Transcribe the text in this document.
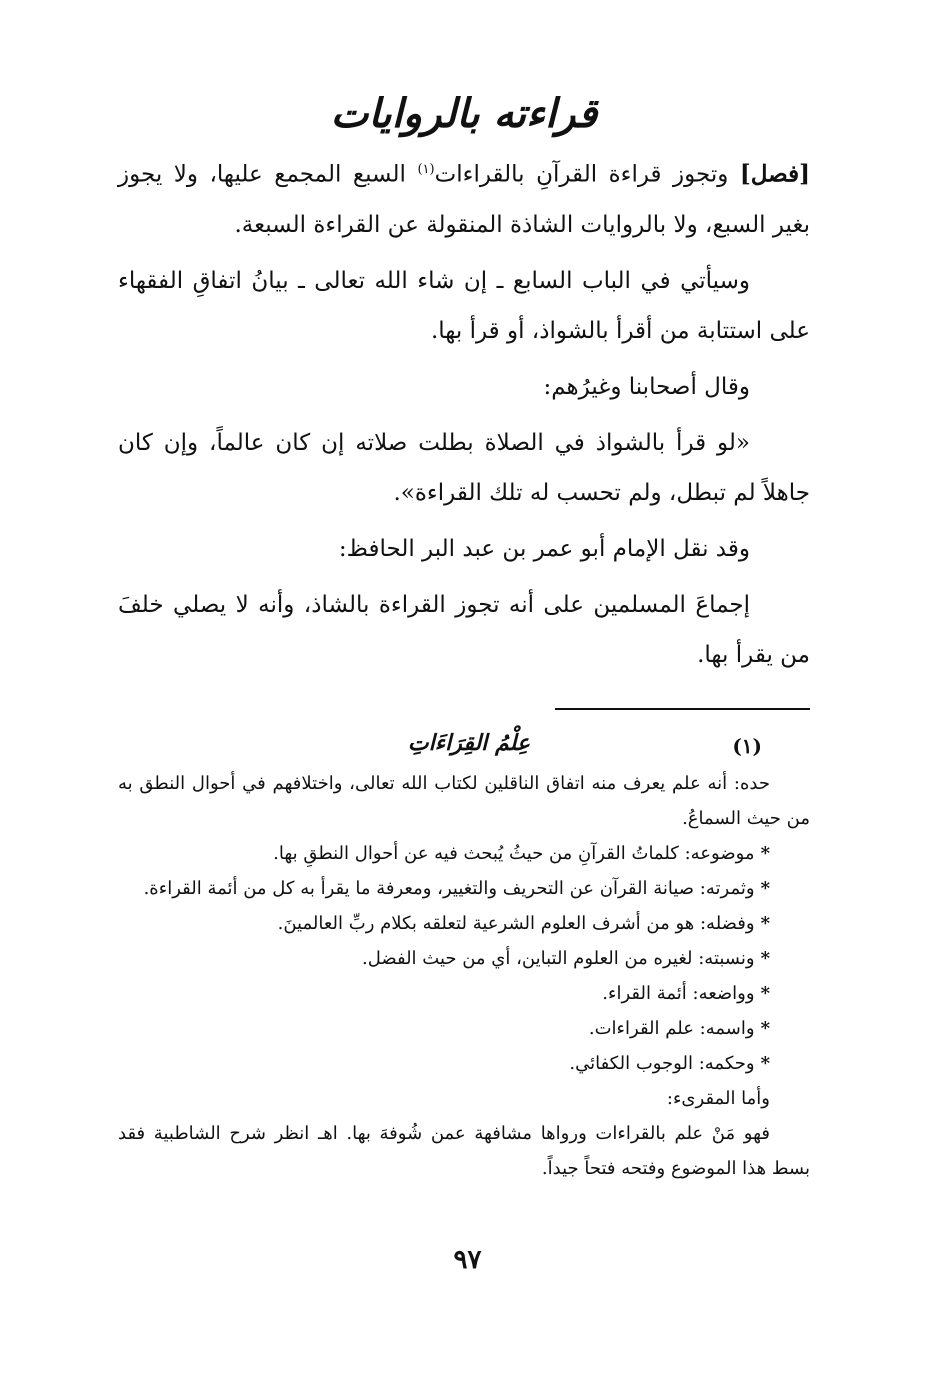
قراءته بالروايات

[فصل] وتجوز قراءة القرآنِ بالقراءات$^{(١)}$ السبع المجمع عليها، ولا يجوز بغير السبع، ولا بالروايات الشاذة المنقولة عن القراءة السبعة.

وسيأتي في الباب السابع ـ إن شاء الله تعالى ـ بيانُ اتفاقِ الفقهاء على استتابة من أقرأ بالشواذ، أو قرأ بها.

وقال أصحابنا وغيرُهم:

«لو قرأ بالشواذ في الصلاة بطلت صلاته إن كان عالماً، وإن كان جاهلاً لم تبطل، ولم تحسب له تلك القراءة».

وقد نقل الإمام أبو عمر بن عبد البر الحافظ:

إجماعَ المسلمين على أنه تجوز القراءة بالشاذ، وأنه لا يصلي خلفَ من يقرأ بها.

(١)
عِلْمُ القِرَاءَاتِ

حده: أنه علم يعرف منه اتفاق الناقلين لكتاب الله تعالى، واختلافهم في أحوال النطق به من حيث السماعُ.

*موضوعه: كلماتُ القرآنِ من حيثُ يُبحث فيه عن أحوال النطقِ بها.

*وثمرته: صيانة القرآن عن التحريف والتغيير، ومعرفة ما يقرأ به كل من أئمة القراءة.

*وفضله: هو من أشرف العلوم الشرعية لتعلقه بكلام ربِّ العالمينَ.

*ونسبته: لغيره من العلوم التباين، أي من حيث الفضل.

*وواضعه: أئمة القراء.

*واسمه: علم القراءات.

*وحكمه: الوجوب الكفائي.

وأما المقرىء:

فهو مَنْ علم بالقراءات ورواها مشافهة عمن شُوفهَ بها. اهـ انظر شرح الشاطبية فقد بسط هذا الموضوع وفتحه فتحاً جيداً.

٩٧
